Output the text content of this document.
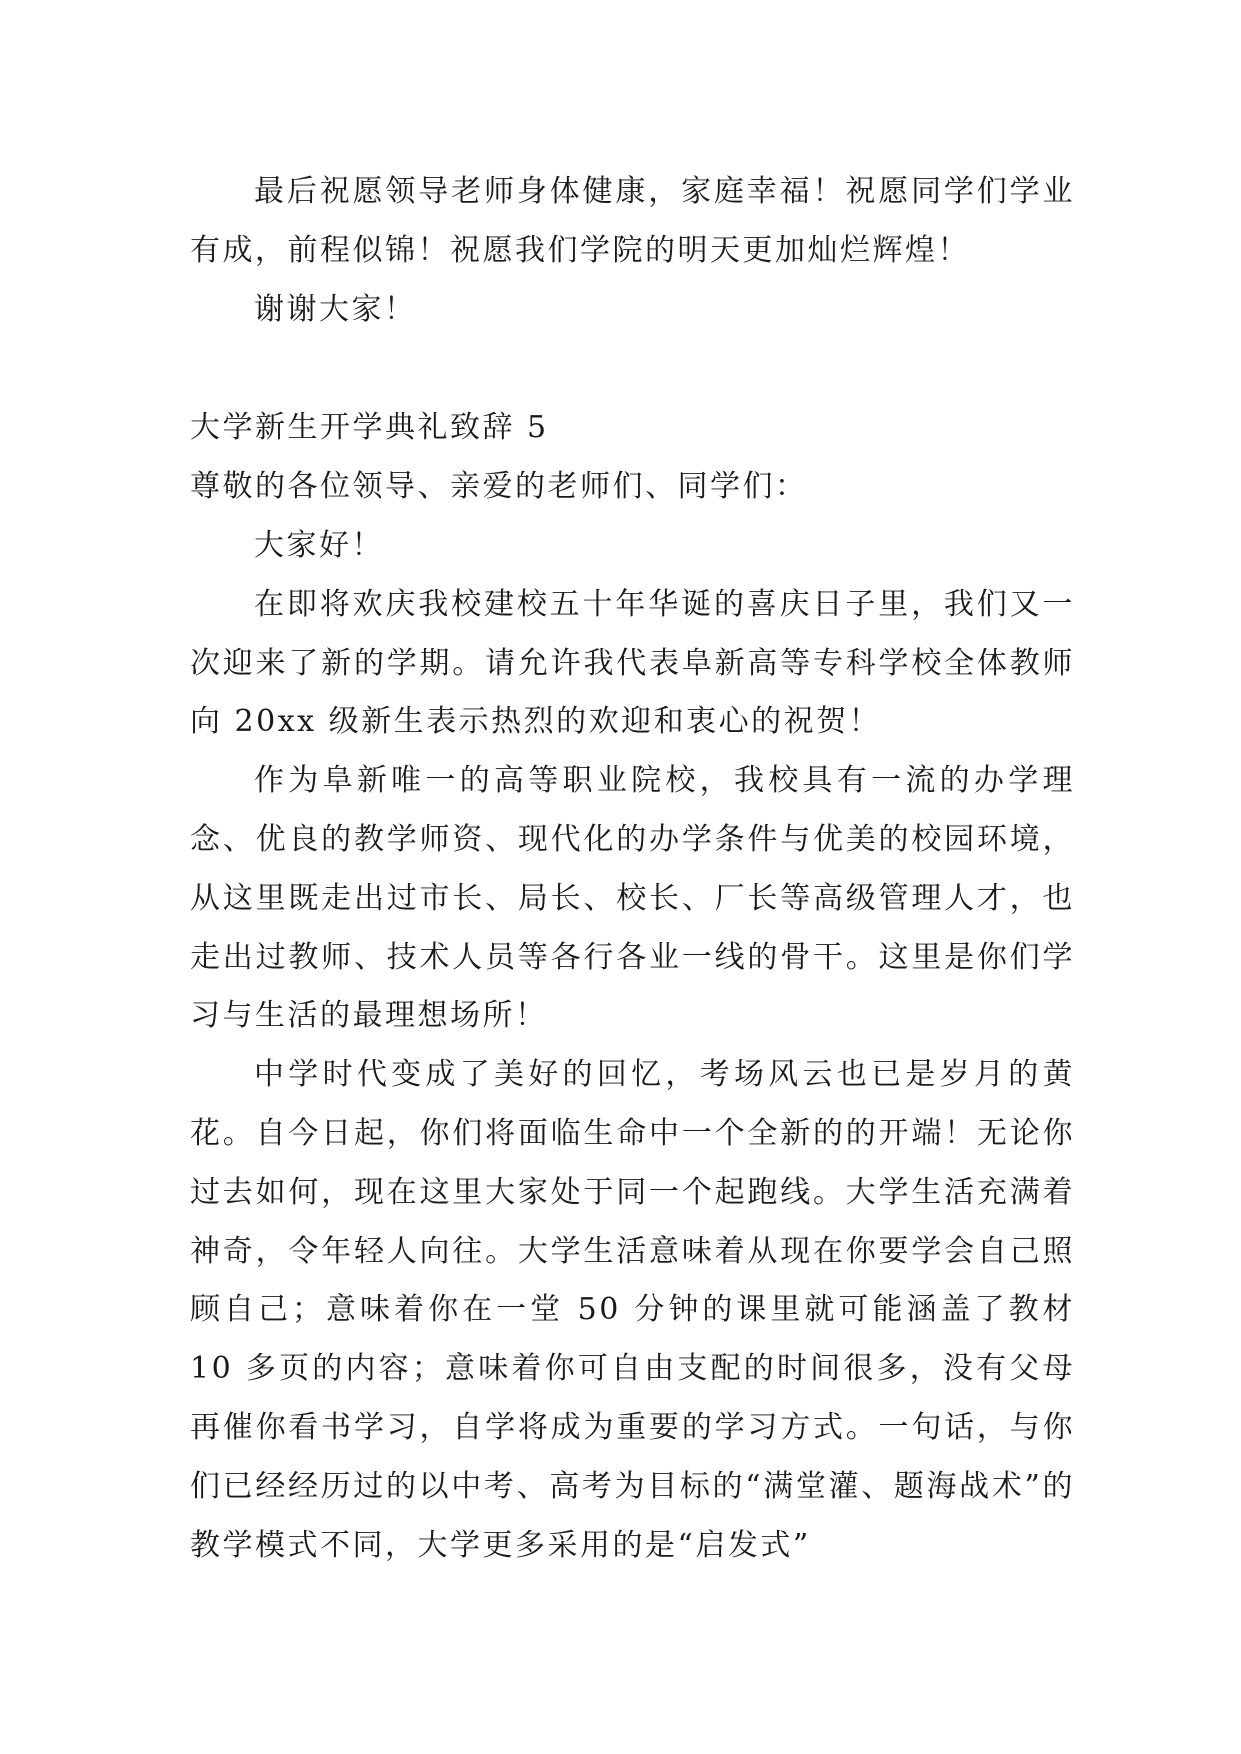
最后祝愿领导老师身体健康，家庭幸福！祝愿同学们学业有成，前程似锦！祝愿我们学院的明天更加灿烂辉煌！

谢谢大家！

大学新生开学典礼致辞 5

尊敬的各位领导、亲爱的老师们、同学们：

大家好！

在即将欢庆我校建校五十年华诞的喜庆日子里，我们又一次迎来了新的学期。请允许我代表阜新高等专科学校全体教师向 20xx 级新生表示热烈的欢迎和衷心的祝贺！

作为阜新唯一的高等职业院校，我校具有一流的办学理念、优良的教学师资、现代化的办学条件与优美的校园环境，从这里既走出过市长、局长、校长、厂长等高级管理人才，也走出过教师、技术人员等各行各业一线的骨干。这里是你们学习与生活的最理想场所！

中学时代变成了美好的回忆，考场风云也已是岁月的黄花。自今日起，你们将面临生命中一个全新的的开端！无论你过去如何，现在这里大家处于同一个起跑线。大学生活充满着神奇，令年轻人向往。大学生活意味着从现在你要学会自己照顾自己；意味着你在一堂 50 分钟的课里就可能涵盖了教材 10 多页的内容；意味着你可自由支配的时间很多，没有父母再催你看书学习，自学将成为重要的学习方式。一句话，与你们已经经历过的以中考、高考为目标的“满堂灌、题海战术”的教学模式不同，大学更多采用的是“启发式”
